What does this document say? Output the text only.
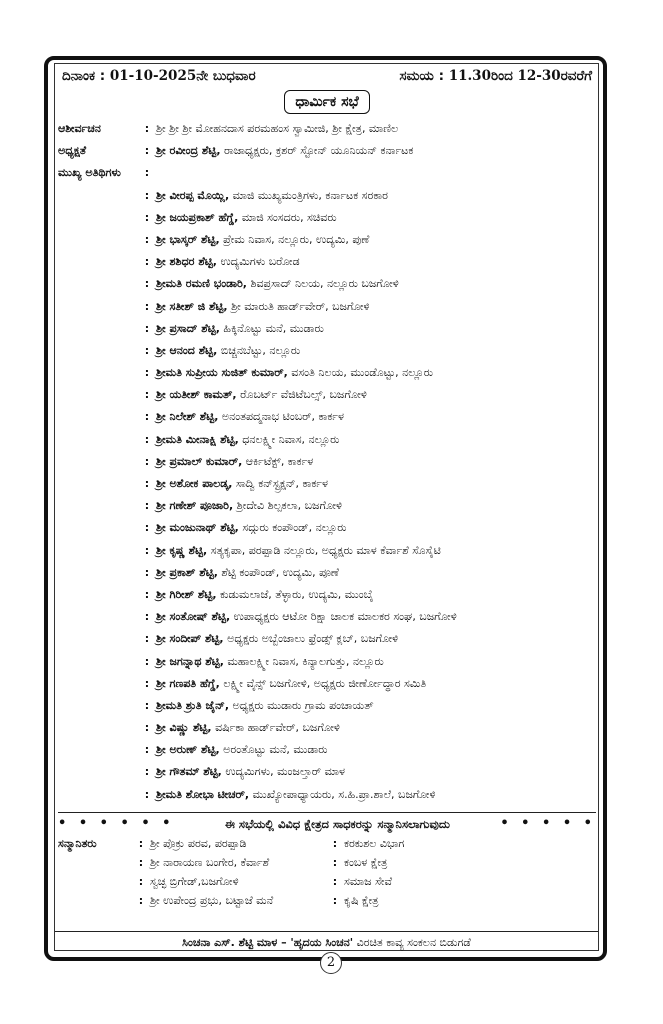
ದಿನಾಂಕ : 01-10-2025ನೇ ಬುಧವಾರ	ಸಮಯ : 11.30ರಿಂದ 12-30ರವರೆಗೆ
ಧಾರ್ಮಿಕ ಸಭೆ
ಆಶೀರ್ವಚನ	: ಶ್ರೀ ಶ್ರೀ ಶ್ರೀ ಮೋಹನದಾಸ ಪರಮಹಂಸ ಸ್ವಾಮೀಜಿ, ಶ್ರೀ ಕ್ಷೇತ್ರ, ಮಾಣಿಲ
ಅಧ್ಯಕ್ಷತೆ	: ಶ್ರೀ ರವೀಂದ್ರ ಶೆಟ್ಟಿ, ರಾಜಾಧ್ಯಕ್ಷರು, ಕ್ರಶರ್ ಸ್ಟೋನ್ ಯೂನಿಯನ್ ಕರ್ನಾಟಕ
ಮುಖ್ಯ ಅತಿಥಿಗಳು	:
: ಶ್ರೀ ವೀರಪ್ಪ ಮೊಯ್ಲಿ, ಮಾಜಿ ಮುಖ್ಯಮಂತ್ರಿಗಳು, ಕರ್ನಾಟಕ ಸರಕಾರ
: ಶ್ರೀ ಜಯಪ್ರಕಾಶ್ ಹೆಗ್ಡೆ, ಮಾಜಿ ಸಂಸದರು, ಸಚಿವರು
: ಶ್ರೀ ಭಾಸ್ಕರ್ ಶೆಟ್ಟಿ, ಪ್ರೇಮ ನಿವಾಸ, ನಲ್ಲೂರು, ಉದ್ಯಮಿ, ಪುಣೆ
: ಶ್ರೀ ಶಶಿಧರ ಶೆಟ್ಟಿ, ಉದ್ಯಮಿಗಳು ಬರೋಡ
: ಶ್ರೀಮತಿ ರಮಣಿ ಭಂಡಾರಿ, ಶಿವಪ್ರಸಾದ್ ನಿಲಯ, ನಲ್ಲೂರು ಬಜಗೋಳಿ
: ಶ್ರೀ ಸತೀಶ್ ಜಿ ಶೆಟ್ಟಿ, ಶ್ರೀ ಮಾರುತಿ ಹಾರ್ಡ್‌ವೇರ್, ಬಜಗೋಳಿ
: ಶ್ರೀ ಪ್ರಸಾದ್ ಶೆಟ್ಟಿ, ಹಿಕ್ಕಿನೊಟ್ಟು ಮನೆ, ಮುಡಾರು
: ಶ್ರೀ ಆನಂದ ಶೆಟ್ಟಿ, ಬಿಚ್ಚನಬೆಟ್ಟು, ನಲ್ಲೂರು
: ಶ್ರೀಮತಿ ಸುಪ್ರೀಯ ಸುಜಿತ್ ಕುಮಾರ್, ವಸಂತಿ ನಿಲಯ, ಮುಂಡೊಟ್ಟು, ನಲ್ಲೂರು
: ಶ್ರೀ ಯತೀಶ್ ಕಾಮತ್, ರೊಬರ್ಟ್ ವೆಜಿಟೆಬಲ್ಸ್, ಬಜಗೋಳಿ
: ಶ್ರೀ ನಿಲೇಶ್ ಶೆಟ್ಟಿ, ಅನಂತಪದ್ಮನಾಭ ಟಿಂಬರ್, ಕಾರ್ಕಳ
: ಶ್ರೀಮತಿ ಮೀನಾಕ್ಷಿ ಶೆಟ್ಟಿ, ಧನಲಕ್ಷ್ಮೀ ನಿವಾಸ, ನಲ್ಲೂರು
: ಶ್ರೀ ಪ್ರಮಾಲ್ ಕುಮಾರ್, ಆರ್ಕಿಟೆಕ್ಟ್, ಕಾರ್ಕಳ
: ಶ್ರೀ ಅಶೋಕ ಪಾಲಡ್ಕ, ಸಾದ್ವಿ ಕನ್‌ಸ್ಟ್ರಕ್ಷನ್, ಕಾರ್ಕಳ
: ಶ್ರೀ ಗಣೇಶ್ ಪೂಜಾರಿ, ಶ್ರೀದೇವಿ ಶಿಲ್ಪಕಲಾ, ಬಜಗೋಳಿ
: ಶ್ರೀ ಮಂಜುನಾಥ್ ಶೆಟ್ಟಿ, ಸದ್ಗುರು ಕಂಪೌಂಡ್, ನಲ್ಲೂರು
: ಶ್ರೀ ಕೃಷ್ಣ ಶೆಟ್ಟಿ, ಸತ್ಯಕೃಪಾ, ಪರಪ್ಪಾಡಿ ನಲ್ಲೂರು, ಅಧ್ಯಕ್ಷರು ಮಾಳ ಕೆರ್ವಾಶೆ ಸೊಸೈಟಿ
: ಶ್ರೀ ಪ್ರಕಾಶ್ ಶೆಟ್ಟಿ, ಶೆಟ್ಟಿ ಕಂಪೌಂಡ್, ಉದ್ಯಮಿ, ಪೂಣೆ
: ಶ್ರೀ ಗಿರೀಶ್ ಶೆಟ್ಟಿ, ಕುಡುಮಲಾಜೆ, ತೆಳ್ಳಾರು, ಉದ್ಯಮಿ, ಮುಂಬೈ
: ಶ್ರೀ ಸಂತೋಷ್ ಶೆಟ್ಟಿ, ಉಪಾಧ್ಯಕ್ಷರು ಆಟೋ ರಿಕ್ಷಾ ಚಾಲಕ ಮಾಲಕರ ಸಂಘ, ಬಜಗೋಳಿ
: ಶ್ರೀ ಸಂದೀಪ್ ಶೆಟ್ಟಿ, ಅಧ್ಯಕ್ಷರು ಅಬ್ಬೆಂಜಾಲು ಫ್ರೆಂಡ್ಸ್ ಕ್ಲಬ್, ಬಜಗೋಳಿ
: ಶ್ರೀ ಜಗನ್ನಾಥ ಶೆಟ್ಟಿ, ಮಹಾಲಕ್ಷ್ಮೀ ನಿವಾಸ, ಕಿನ್ಯಾಲಗುತ್ತು, ನಲ್ಲೂರು
: ಶ್ರೀ ಗಣಪತಿ ಹೆಗ್ಡೆ, ಲಕ್ಷ್ಮೀ ವೈನ್ಸ್ ಬಜಗೋಳಿ, ಅಧ್ಯಕ್ಷರು ಜೀರ್ಣೋದ್ಧಾರ ಸಮಿತಿ
: ಶ್ರೀಮತಿ ಶ್ರುತಿ ಜೈನ್, ಅಧ್ಯಕ್ಷರು ಮುಡಾರು ಗ್ರಾಮ ಪಂಚಾಯತ್
: ಶ್ರೀ ವಿಷ್ಣು ಶೆಟ್ಟಿ, ವರ್ಷಿಕಾ ಹಾರ್ಡ್‌ವೇರ್, ಬಜಗೋಳಿ
: ಶ್ರೀ ಅರುಣ್ ಶೆಟ್ಟಿ, ಅರಂತೊಟ್ಟು ಮನೆ, ಮುಡಾರು
: ಶ್ರೀ ಗೌತಮ್ ಶೆಟ್ಟಿ, ಉದ್ಯಮಿಗಳು, ಮಂಜಲ್ತಾರ್ ಮಾಳ
: ಶ್ರೀಮತಿ ಶೋಭಾ ಟೀಚರ್, ಮುಖ್ಯೋಪಾಧ್ಯಾಯರು, ಸ.ಹಿ.ಪ್ರಾ.ಶಾಲೆ, ಬಜಗೋಳಿ
• • • • • •	ಈ ಸಭೆಯಲ್ಲಿ ವಿವಿಧ ಕ್ಷೇತ್ರದ ಸಾಧಕರನ್ನು ಸನ್ಮಾನಿಸಲಾಗುವುದು	• • • • •
ಸನ್ಮಾನಿತರು	: ಶ್ರೀ ಪೊಕ್ರು ಪರವ, ಪರಪ್ಪಾಡಿ	: ಕರಕುಶಲ ವಿಭಾಗ
: ಶ್ರೀ ನಾರಾಯಣ ಬಂಗೇರ, ಕೆರ್ವಾಶೆ	: ಕಂಬಳ ಕ್ಷೇತ್ರ
: ಸ್ವಚ್ಛ ಬ್ರಿಗೇಡ್,ಬಜಗೋಳಿ	: ಸಮಾಜ ಸೇವೆ
: ಶ್ರೀ ಉಪೇಂದ್ರ ಪ್ರಭು, ಬಟ್ಟಾಜೆ ಮನೆ	: ಕೃಷಿ ಕ್ಷೇತ್ರ
ಸಿಂಚನಾ ಎಸ್. ಶೆಟ್ಟಿ ಮಾಳ – 'ಹೃದಯ ಸಿಂಚನ' ವಿರಚಿತ ಕಾವ್ಯ ಸಂಕಲನ ಬಿಡುಗಡೆ
2
